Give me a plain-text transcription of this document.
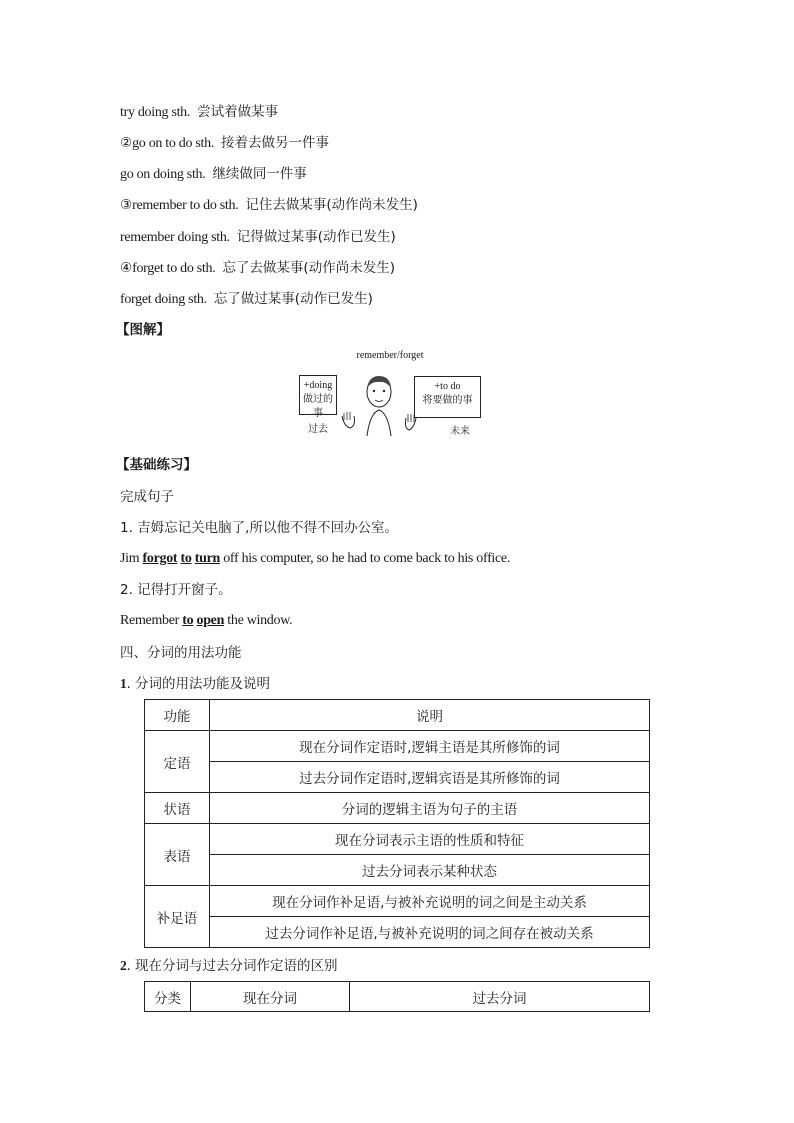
try doing sth. 尝试着做某事
②go on to do sth. 接着去做另一件事
go on doing sth. 继续做同一件事
③remember to do sth. 记住去做某事(动作尚未发生)
remember doing sth. 记得做过某事(动作已发生)
④forget to do sth. 忘了去做某事(动作尚未发生)
forget doing sth. 忘了做过某事(动作已发生)
【图解】
remember/forget
+doing
做过的事
+to do
将要做的事
过去	未来
【基础练习】
完成句子
1. 吉姆忘记关电脑了,所以他不得不回办公室。
Jim forgot to turn off his computer, so he had to come back to his office.
2. 记得打开窗子。
Remember to open the window.
四、分词的用法功能
1. 分词的用法功能及说明
功能	说明
定语	现在分词作定语时,逻辑主语是其所修饰的词
	过去分词作定语时,逻辑宾语是其所修饰的词
状语	分词的逻辑主语为句子的主语
表语	现在分词表示主语的性质和特征
	过去分词表示某种状态
补足语	现在分词作补足语,与被补充说明的词之间是主动关系
	过去分词作补足语,与被补充说明的词之间存在被动关系
2. 现在分词与过去分词作定语的区别
分类	现在分词	过去分词
